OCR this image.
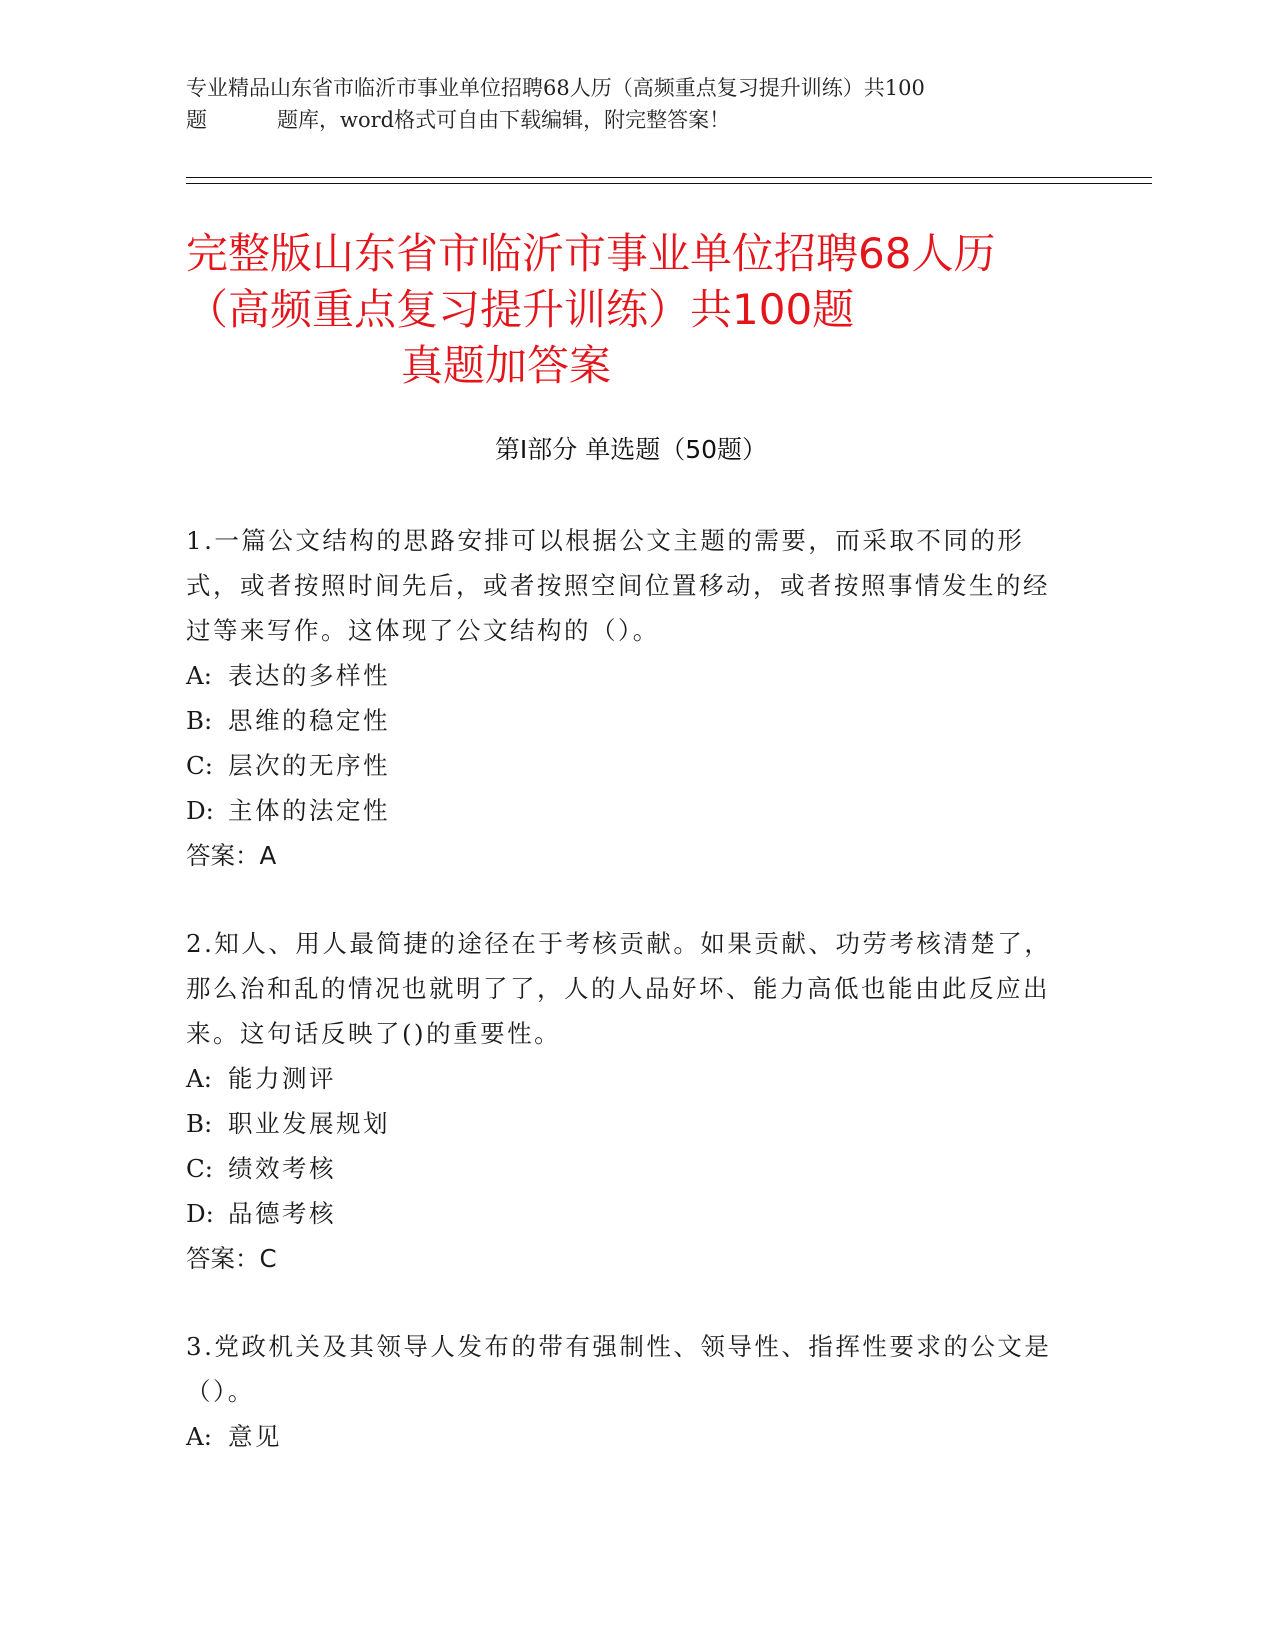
专业精品山东省市临沂市事业单位招聘68人历（高频重点复习提升训练）共100
题	题库，word格式可自由下载编辑，附完整答案！
完整版山东省市临沂市事业单位招聘68人历
（高频重点复习提升训练）共100题
真题加答案
第Ⅰ部分 单选题（50题）

1.一篇公文结构的思路安排可以根据公文主题的需要，而采取不同的形式，或者按照时间先后，或者按照空间位置移动，或者按照事情发生的经过等来写作。这体现了公文结构的（）。

A: 表达的多样性

B: 思维的稳定性

C: 层次的无序性

D: 主体的法定性

答案：A

2.知人、用人最简捷的途径在于考核贡献。如果贡献、功劳考核清楚了，那么治和乱的情况也就明了了，人的人品好坏、能力高低也能由此反应出来。这句话反映了()的重要性。

A: 能力测评

B: 职业发展规划

C: 绩效考核

D: 品德考核

答案：C

3.党政机关及其领导人发布的带有强制性、领导性、指挥性要求的公文是（）。

A: 意见
